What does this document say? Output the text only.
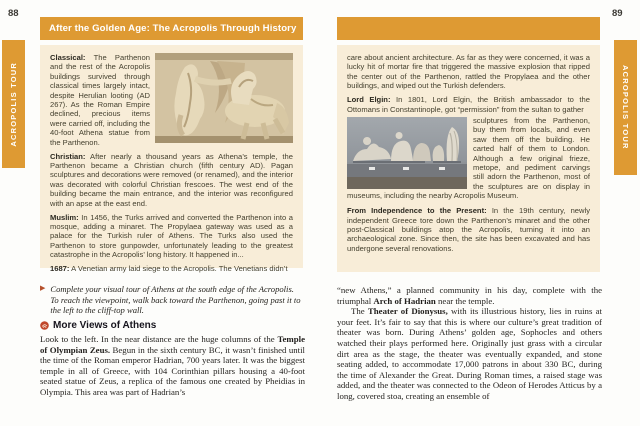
88
ACROPOLIS TOUR
After the Golden Age: The Acropolis Through History

Classical: The Parthenon and the rest of the Acropolis buildings survived through classical times largely intact, despite Herulian looting (AD 267). As the Roman Empire declined, precious items were carried off, including the 40-foot Athena statue from the Parthenon.

Christian: After nearly a thousand years as Athena’s temple, the Parthenon became a Christian church (fifth century AD). Pagan sculptures and decorations were removed (or renamed), and the interior was decorated with colorful Christian frescoes. The west end of the building became the main entrance, and the interior was reconfigured with an apse at the east end.

Muslim: In 1456, the Turks arrived and converted the Parthenon into a mosque, adding a minaret. The Propylaea gateway was used as a palace for the Turkish ruler of Athens. The Turks also used the Parthenon to store gunpowder, unfortunately leading to the greatest catastrophe in the Acropolis’ long history. It happened in...

1687: A Venetian army laid siege to the Acropolis. The Venetians didn’t

▶ Complete your visual tour of Athens at the south edge of the Acropolis. To reach the viewpoint, walk back toward the Parthenon, going past it to the left to the cliff-top wall.
More Views of Athens

Look to the left. In the near distance are the huge columns of the Temple of Olympian Zeus. Begun in the sixth century BC, it wasn’t finished until the time of the Roman emperor Hadrian, 700 years later. It was the biggest temple in all of Greece, with 104 Corinthian pillars housing a 40-foot seated statue of Zeus, a replica of the famous one created by Pheidias in Olympia. This area was part of Hadrian’s

89
ACROPOLIS TOUR

care about ancient architecture. As far as they were concerned, it was a lucky hit of mortar fire that triggered the massive explosion that ripped the center out of the Parthenon, rattled the Propylaea and the other buildings, and wiped out the Turkish defenders.

Lord Elgin: In 1801, Lord Elgin, the British ambassador to the Ottomans in Constantinople, got “permission” from the sultan to gather

sculptures from the Parthenon, buy them from locals, and even saw them off the building. He carted half of them to London. Although a few original frieze, metope, and pediment carvings still adorn the Parthenon, most of the sculptures are on display in museums, including the nearby Acropolis Museum.

From Independence to the Present: In the 19th century, newly independent Greece tore down the Parthenon’s minaret and the other post-Classical buildings atop the Acropolis, turning it into an archaeological zone. Since then, the site has been excavated and has undergone several renovations.

“new Athens,” a planned community in his day, complete with the triumphal Arch of Hadrian near the temple.

The Theater of Dionysus, with its illustrious history, lies in ruins at your feet. It’s fair to say that this is where our culture’s great tradition of theater was born. During Athens’ golden age, Sophocles and others watched their plays performed here. Originally just grass with a circular dirt area as the stage, the theater was eventually expanded, and stone seating added, to accommodate 17,000 patrons in about 330 BC, during the time of Alexander the Great. During Roman times, a raised stage was added, and the theater was connected to the Odeon of Herodes Atticus by a long, covered stoa, creating an ensemble of
